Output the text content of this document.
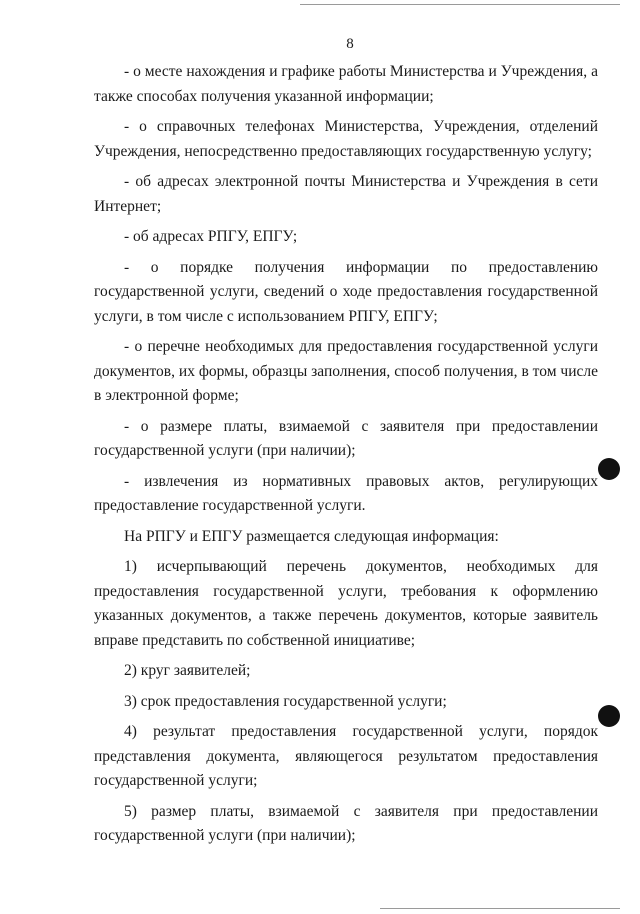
8

- о месте нахождения и графике работы Министерства и Учреждения, а также способах получения указанной информации;

- о справочных телефонах Министерства, Учреждения, отделений Учреждения, непосредственно предоставляющих государственную услугу;

- об адресах электронной почты Министерства и Учреждения в сети Интернет;

- об адресах РПГУ, ЕПГУ;

- о порядке получения информации по предоставлению государственной услуги, сведений о ходе предоставления государственной услуги, в том числе с использованием РПГУ, ЕПГУ;

- о перечне необходимых для предоставления государственной услуги документов, их формы, образцы заполнения, способ получения, в том числе в электронной форме;

- о размере платы, взимаемой с заявителя при предоставлении государственной услуги (при наличии);

- извлечения из нормативных правовых актов, регулирующих предоставление государственной услуги.

На РПГУ и ЕПГУ размещается следующая информация:

1) исчерпывающий перечень документов, необходимых для предоставления государственной услуги, требования к оформлению указанных документов, а также перечень документов, которые заявитель вправе представить по собственной инициативе;

2) круг заявителей;

3) срок предоставления государственной услуги;

4) результат предоставления государственной услуги, порядок представления документа, являющегося результатом предоставления государственной услуги;

5) размер платы, взимаемой с заявителя при предоставлении государственной услуги (при наличии);
